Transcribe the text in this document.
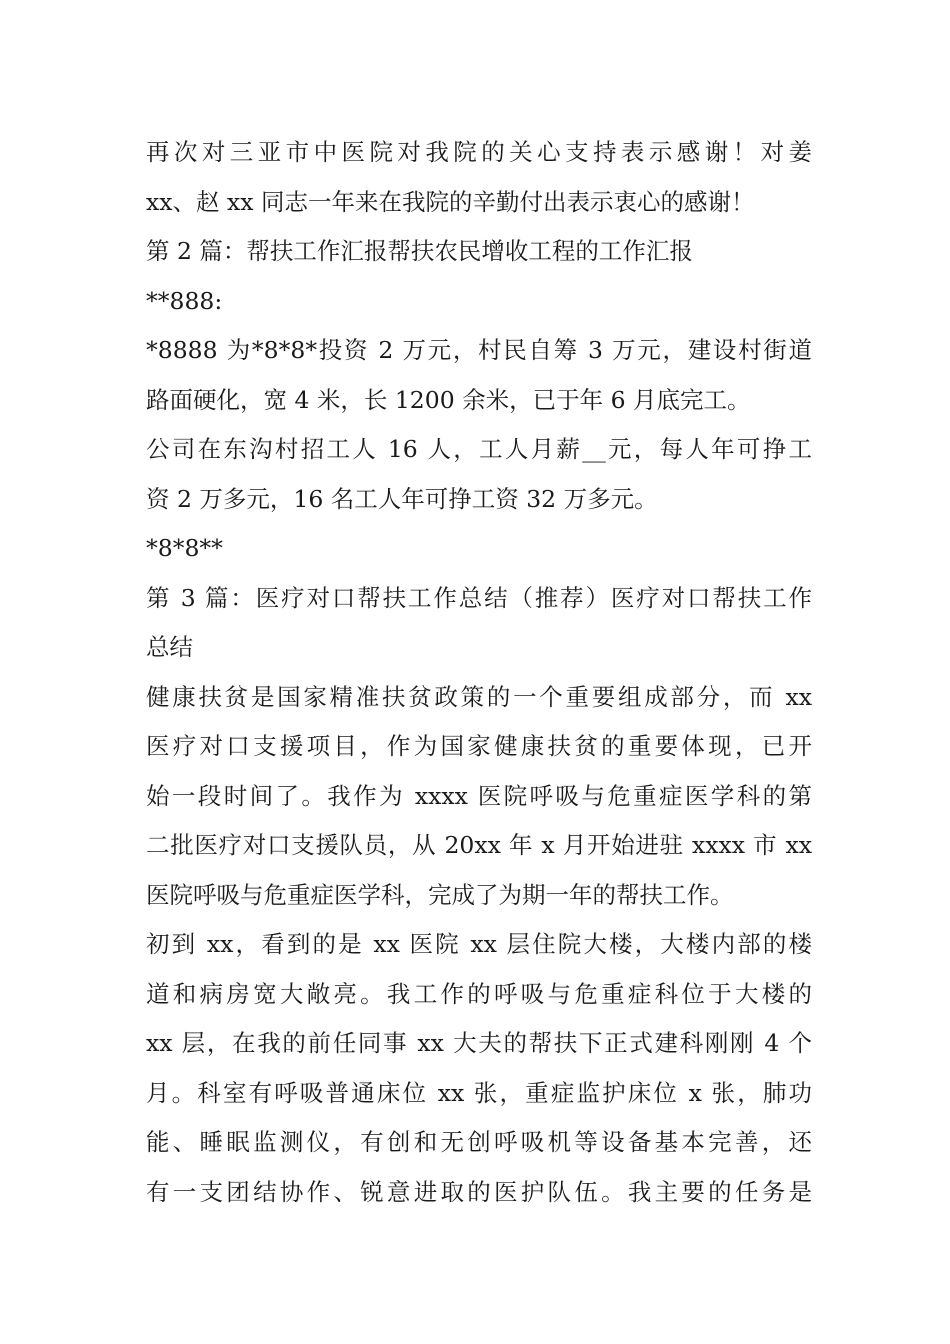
再次对三亚市中医院对我院的关心支持表示感谢！对姜
xx、赵 xx 同志一年来在我院的辛勤付出表示衷心的感谢！
第 2 篇：帮扶工作汇报帮扶农民增收工程的工作汇报
**888:
*8888 为*8*8*投资 2 万元，村民自筹 3 万元，建设村街道
路面硬化，宽 4 米，长 1200 余米，已于年 6 月底完工。
公司在东沟村招工人 16 人，工人月薪__元，每人年可挣工
资 2 万多元，16 名工人年可挣工资 32 万多元。
*8*8**
第 3 篇：医疗对口帮扶工作总结（推荐）医疗对口帮扶工作
总结
健康扶贫是国家精准扶贫政策的一个重要组成部分，而 xx
医疗对口支援项目，作为国家健康扶贫的重要体现，已开
始一段时间了。我作为 xxxx 医院呼吸与危重症医学科的第
二批医疗对口支援队员，从 20xx 年 x 月开始进驻 xxxx 市 xx
医院呼吸与危重症医学科，完成了为期一年的帮扶工作。
初到 xx，看到的是 xx 医院 xx 层住院大楼，大楼内部的楼
道和病房宽大敞亮。我工作的呼吸与危重症科位于大楼的
xx 层，在我的前任同事 xx 大夫的帮扶下正式建科刚刚 4 个
月。科室有呼吸普通床位 xx 张，重症监护床位 x 张，肺功
能、睡眠监测仪，有创和无创呼吸机等设备基本完善，还
有一支团结协作、锐意进取的医护队伍。我主要的任务是
